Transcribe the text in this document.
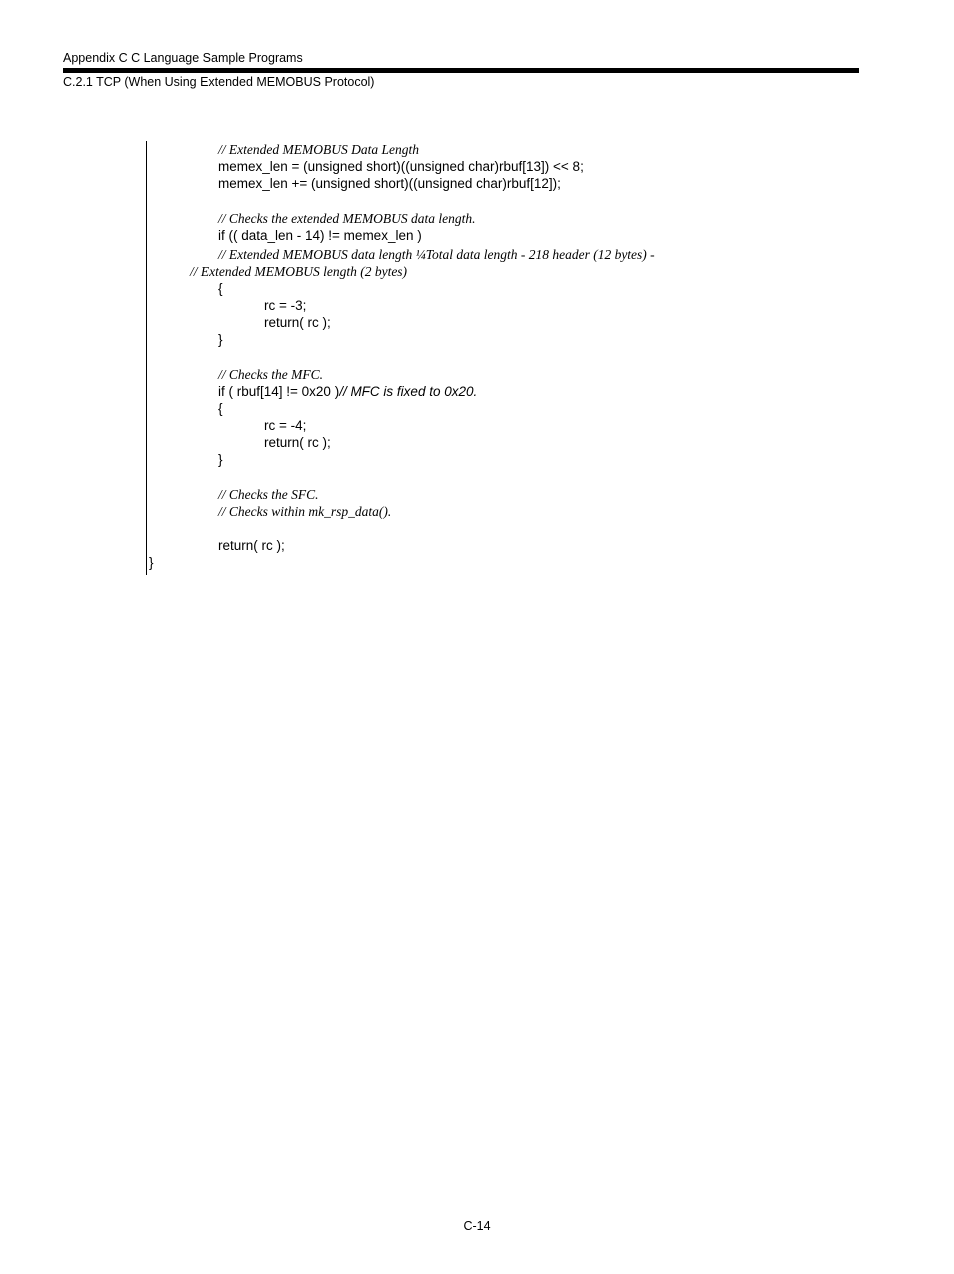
Appendix C C Language Sample Programs
C.2.1 TCP (When Using Extended MEMOBUS Protocol)
// Extended MEMOBUS Data Length
memex_len = (unsigned short)((unsigned char)rbuf[13]) << 8;
memex_len += (unsigned short)((unsigned char)rbuf[12]);
// Checks the extended MEMOBUS data length.
if (( data_len - 14) != memex_len )
// Extended MEMOBUS data length ¼Total data length - 218 header (12 bytes) -
// Extended MEMOBUS length (2 bytes)
{
rc = -3;
return( rc );
}
// Checks the MFC.
if ( rbuf[14] != 0x20 )// MFC is fixed to 0x20.
{
rc = -4;
return( rc );
}
// Checks the SFC.
// Checks within mk_rsp_data().
return( rc );
}
C-14
